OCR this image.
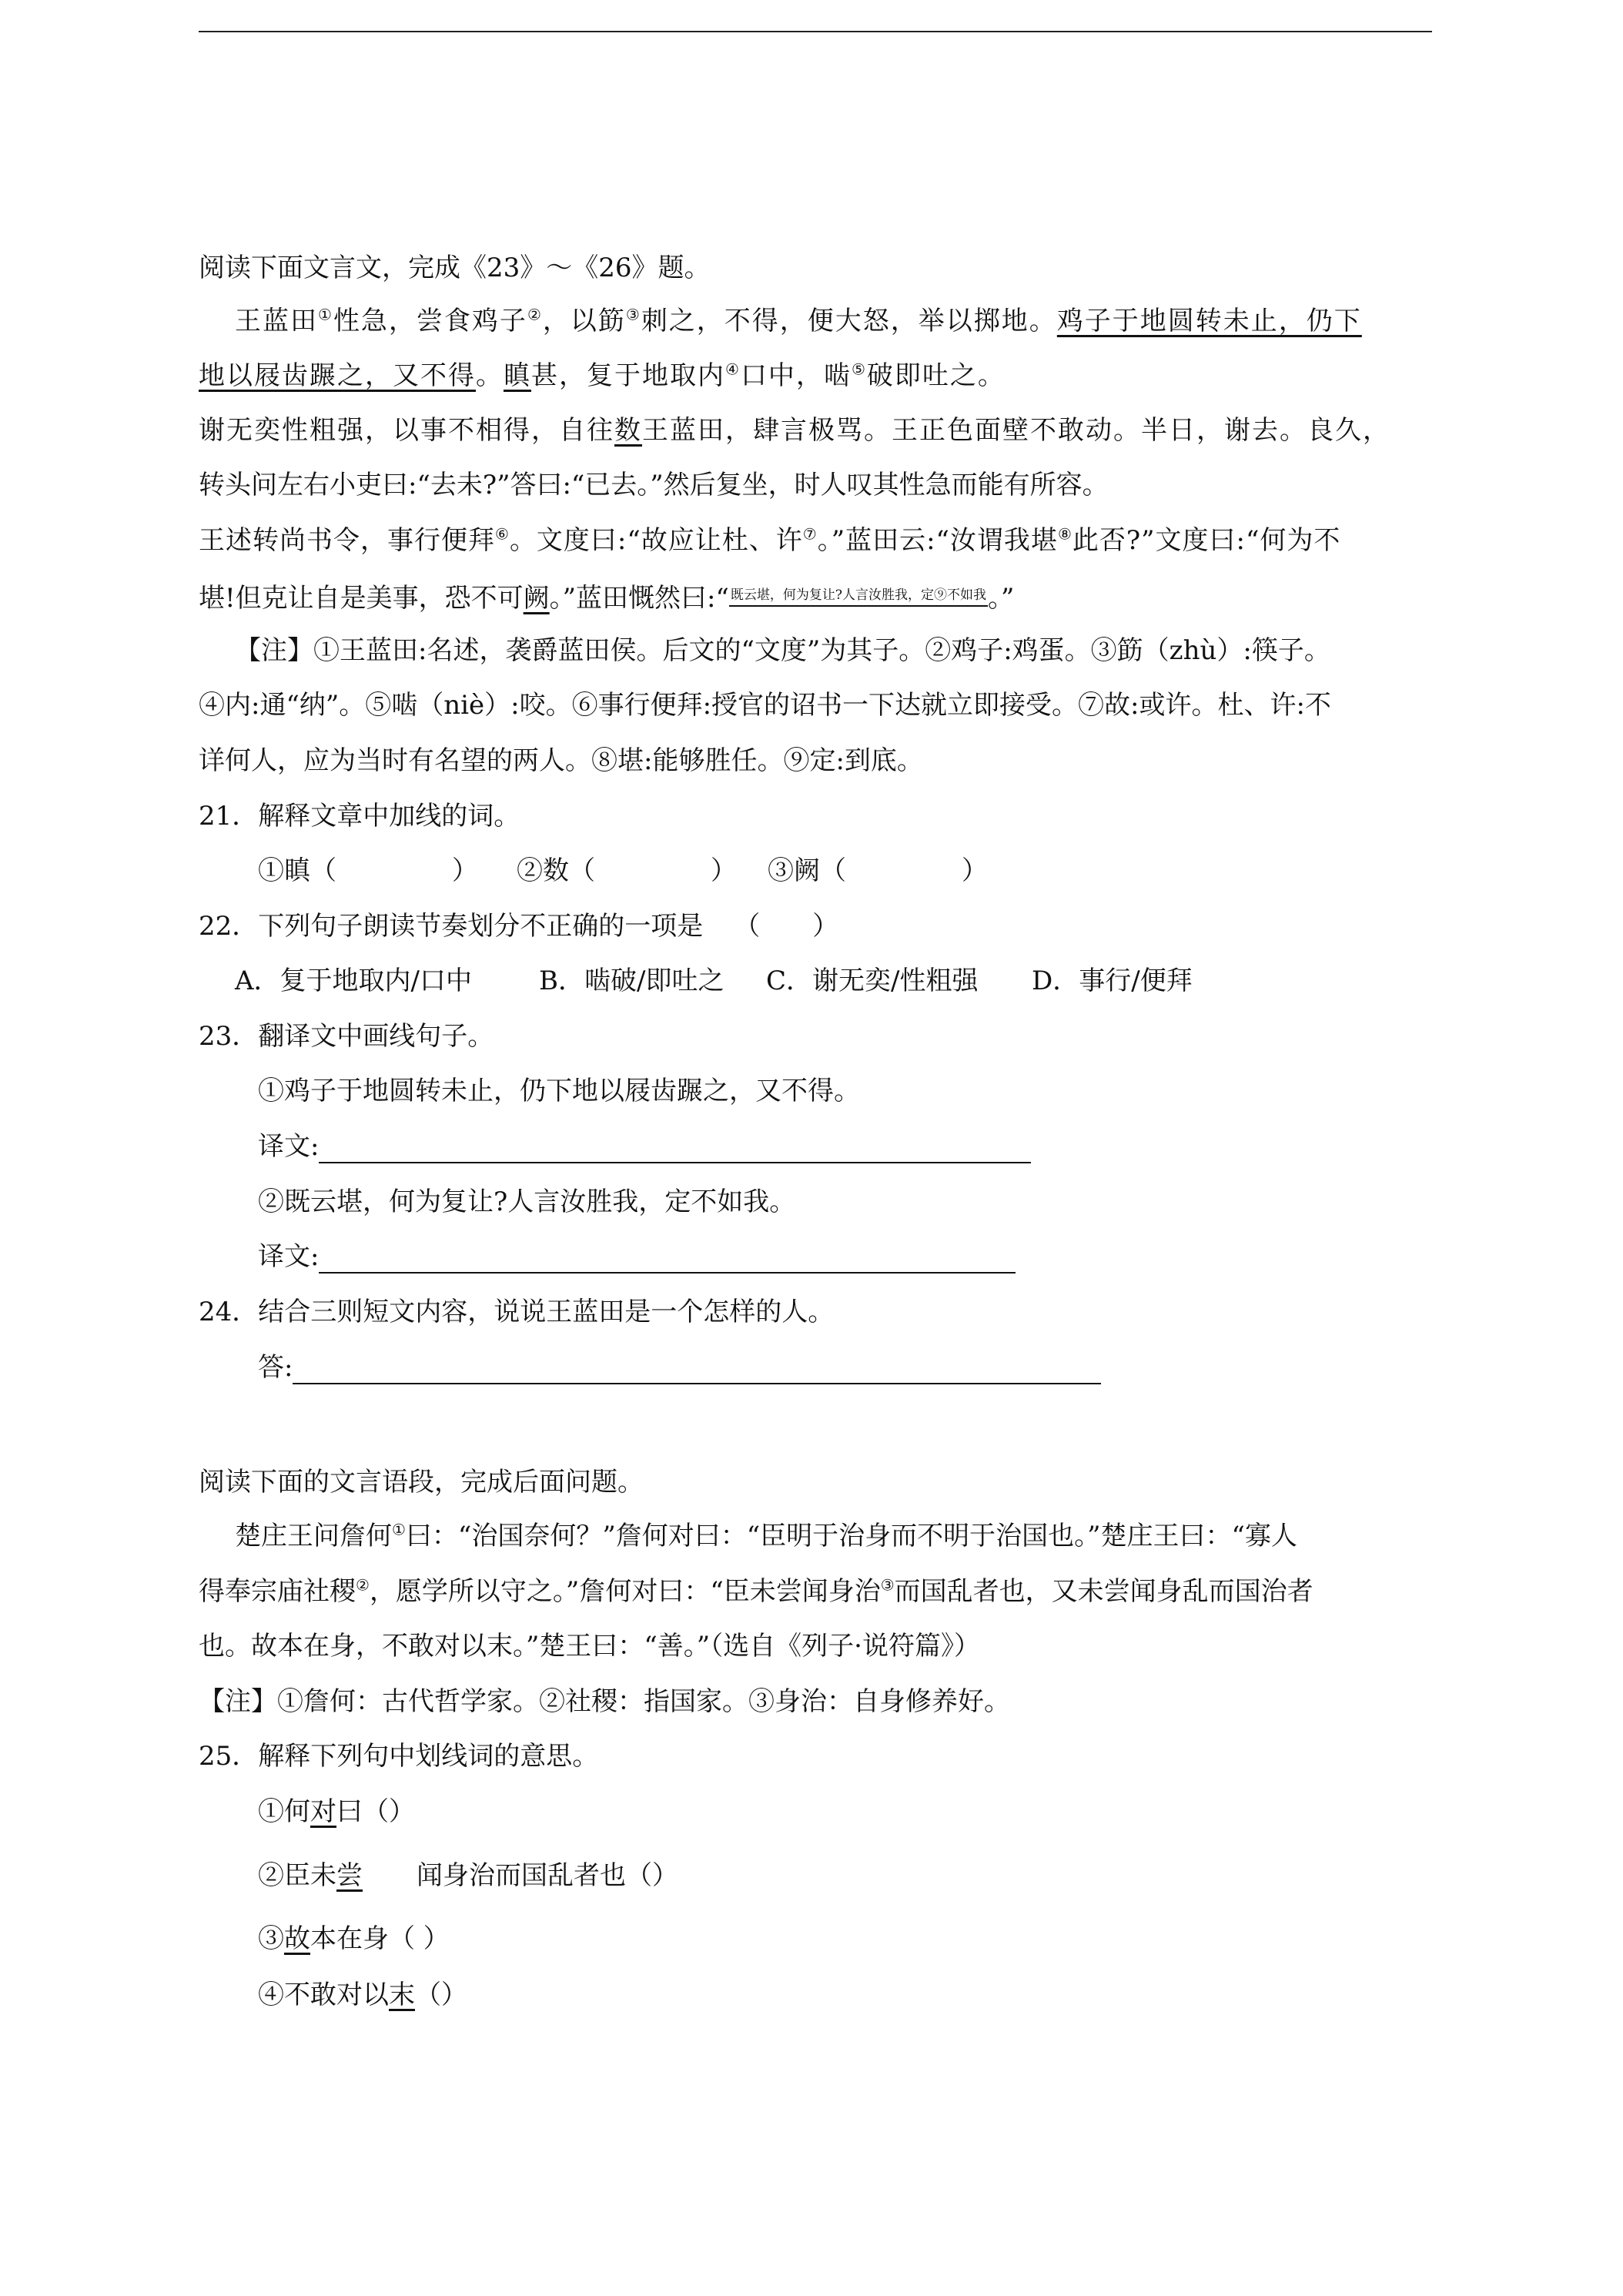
阅读下面文言文，完成《23》～《26》题。
王蓝田①性急，尝食鸡子②，以筯③刺之，不得，便大怒，举以掷地。鸡子于地圆转未止，仍下
地以屐齿蹍之，又不得。瞋甚，复于地取内④口中，啮⑤破即吐之。
谢无奕性粗强，以事不相得，自往数王蓝田，肆言极骂。王正色面壁不敢动。半日，谢去。良久，
转头问左右小吏曰:“去未?”答曰:“已去。”然后复坐，时人叹其性急而能有所容。
王述转尚书令，事行便拜⑥。文度曰:“故应让杜、许⑦。”蓝田云:“汝谓我堪⑧此否?”文度曰:“何为不
堪!但克让自是美事，恐不可阙。”蓝田慨然曰:“ $^{既云堪,何为复让?人言汝胜我,定⑨不如我}$。”
【注】①王蓝田:名述，袭爵蓝田侯。后文的“文度”为其子。②鸡子:鸡蛋。③筯（zhù）:筷子。
④内:通“纳”。⑤啮（niè）:咬。⑥事行便拜:授官的诏书一下达就立即接受。⑦故:或许。杜、许:不
详何人，应为当时有名望的两人。⑧堪:能够胜任。⑨定:到底。
21．解释文章中加线的词。
①瞋（	） ②数（	） ③阙（	）
22．下列句子朗读节奏划分不正确的一项是 （　　）
A．复于地取内/口中	B．啮破/即吐之 C．谢无奕/性粗强 D．事行/便拜
23．翻译文中画线句子。
①鸡子于地圆转未止，仍下地以屐齿蹍之，又不得。
译文:
②既云堪，何为复让?人言汝胜我，定不如我。
译文:
24．结合三则短文内容，说说王蓝田是一个怎样的人。
答:
阅读下面的文言语段，完成后面问题。
楚庄王问詹何①曰：“治国奈何？”詹何对曰：“臣明于治身而不明于治国也。”楚庄王曰：“寡人
得奉宗庙社稷②，愿学所以守之。”詹何对曰：“臣未尝闻身治③而国乱者也，又未尝闻身乱而国治者
也。故本在身，不敢对以末。”楚王曰：“善。”（选自《列子·说符篇》）
【注】①詹何：古代哲学家。②社稷：指国家。③身治：自身修养好。
25．解释下列句中划线词的意思。
①何对曰（）
②臣未尝 闻身治而国乱者也（）
③故本在身（ ）
④不敢对以末（）
